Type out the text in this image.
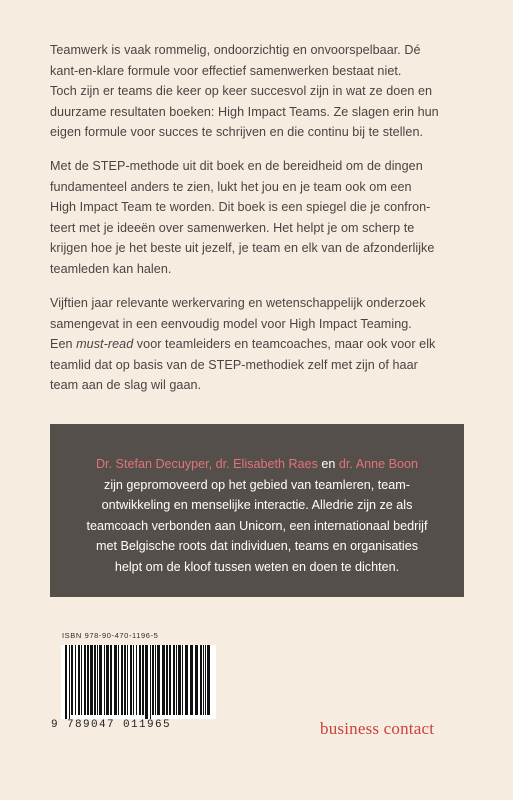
Teamwerk is vaak rommelig, ondoorzichtig en onvoorspelbaar. Dé
kant-en-klare formule voor effectief samenwerken bestaat niet.
Toch zijn er teams die keer op keer succesvol zijn in wat ze doen en
duurzame resultaten boeken: High Impact Teams. Ze slagen erin hun
eigen formule voor succes te schrijven en die continu bij te stellen.
Met de STEP-methode uit dit boek en de bereidheid om de dingen
fundamenteel anders te zien, lukt het jou en je team ook om een
High Impact Team te worden. Dit boek is een spiegel die je confron-
teert met je ideeën over samenwerken. Het helpt je om scherp te
krijgen hoe je het beste uit jezelf, je team en elk van de afzonderlijke
teamleden kan halen.
Vijftien jaar relevante werkervaring en wetenschappelijk onderzoek
samengevat in een eenvoudig model voor High Impact Teaming.
Een must-read voor teamleiders en teamcoaches, maar ook voor elk
teamlid dat op basis van de STEP-methodiek zelf met zijn of haar
team aan de slag wil gaan.
Dr. Stefan Decuyper, dr. Elisabeth Raes en dr. Anne Boon
zijn gepromoveerd op het gebied van teamleren, team-
ontwikkeling en menselijke interactie. Alledrie zijn ze als
teamcoach verbonden aan Unicorn, een internationaal bedrijf
met Belgische roots dat individuen, teams en organisaties
helpt om de kloof tussen weten en doen te dichten.
ISBN 978-90-470-1196-5
9 789047 011965	business contact
